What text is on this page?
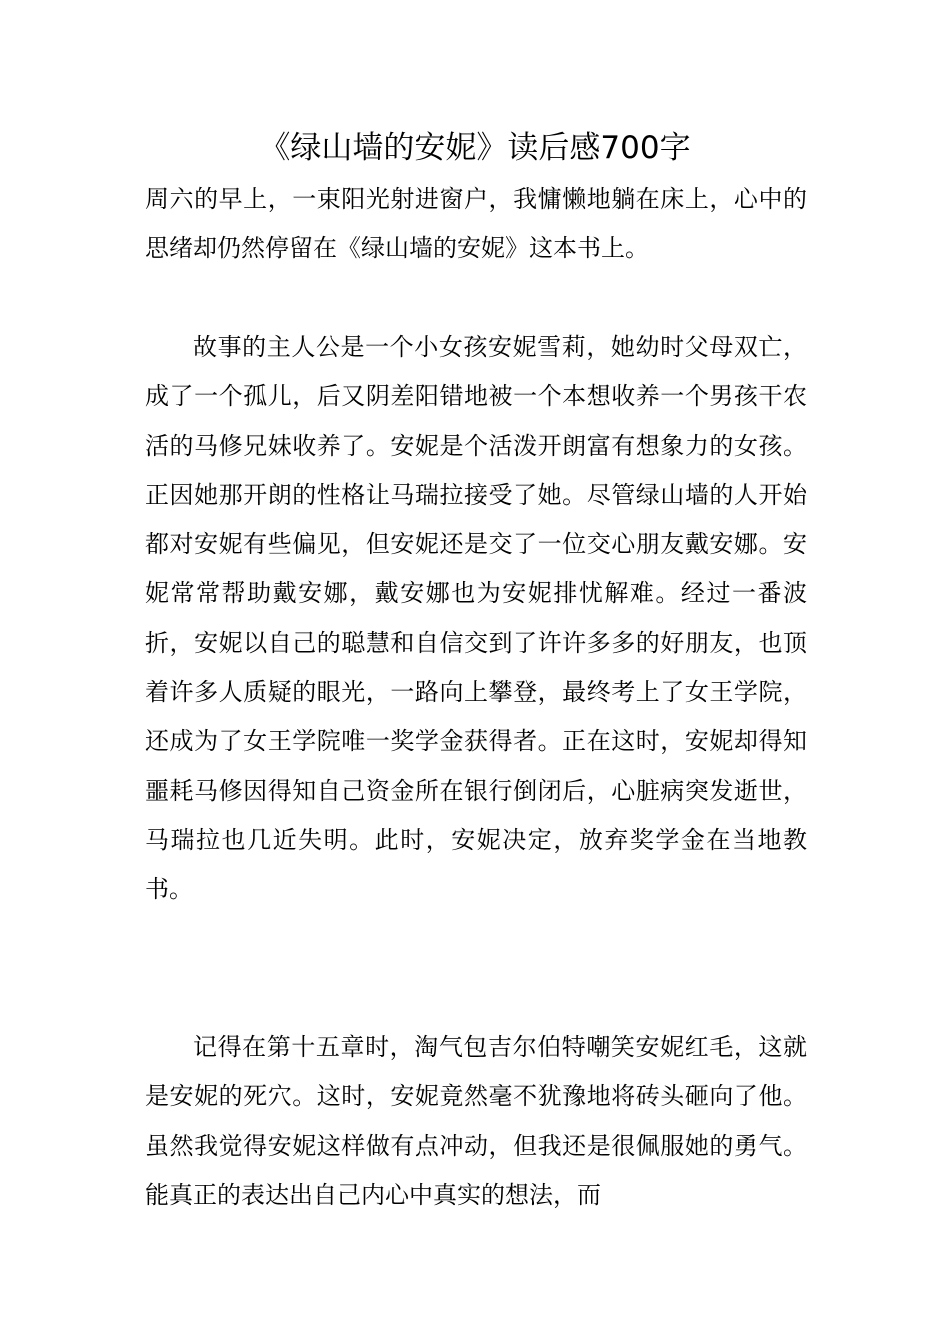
《绿山墙的安妮》读后感700字

周六的早上，一束阳光射进窗户，我慵懒地躺在床上，心中的思绪却仍然停留在《绿山墙的安妮》这本书上。

故事的主人公是一个小女孩安妮雪莉，她幼时父母双亡，成了一个孤儿，后又阴差阳错地被一个本想收养一个男孩干农活的马修兄妹收养了。安妮是个活泼开朗富有想象力的女孩。正因她那开朗的性格让马瑞拉接受了她。尽管绿山墙的人开始都对安妮有些偏见，但安妮还是交了一位交心朋友戴安娜。安妮常常帮助戴安娜，戴安娜也为安妮排忧解难。经过一番波折，安妮以自己的聪慧和自信交到了许许多多的好朋友，也顶着许多人质疑的眼光，一路向上攀登，最终考上了女王学院，还成为了女王学院唯一奖学金获得者。正在这时，安妮却得知噩耗马修因得知自己资金所在银行倒闭后，心脏病突发逝世，马瑞拉也几近失明。此时，安妮决定，放弃奖学金在当地教书。

记得在第十五章时，淘气包吉尔伯特嘲笑安妮红毛，这就是安妮的死穴。这时，安妮竟然毫不犹豫地将砖头砸向了他。虽然我觉得安妮这样做有点冲动，但我还是很佩服她的勇气。能真正的表达出自己内心中真实的想法，而
